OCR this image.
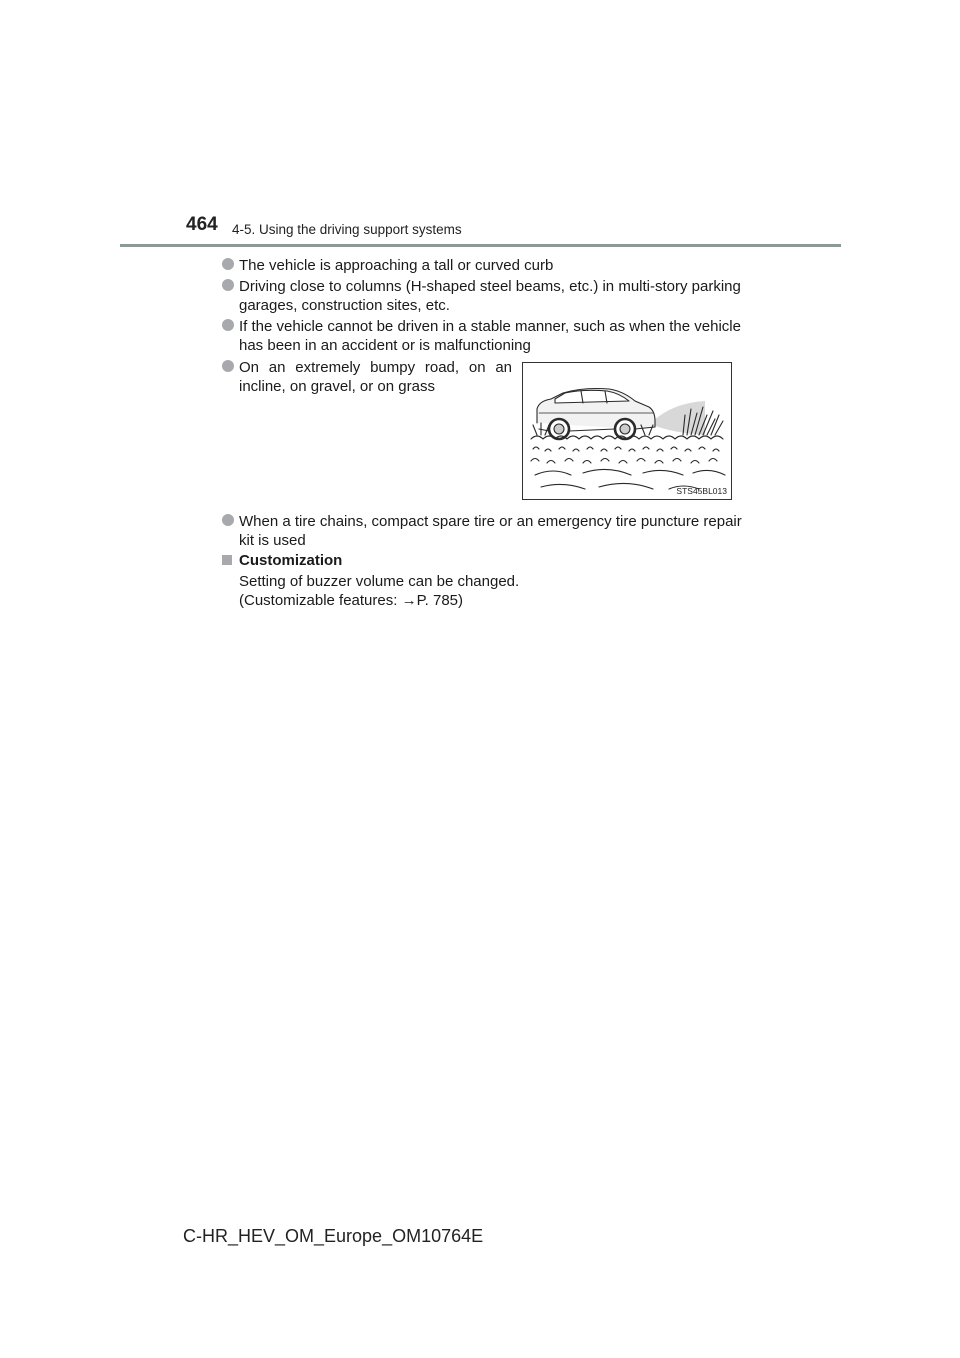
464 4-5. Using the driving support systems
The vehicle is approaching a tall or curved curb
Driving close to columns (H-shaped steel beams, etc.) in multi-story parking
garages, construction sites, etc.
If the vehicle cannot be driven in a stable manner, such as when the vehicle
has been in an accident or is malfunctioning
On an extremely bumpy road, on an
incline, on gravel, or on grass
STS45BL013
When a tire chains, compact spare tire or an emergency tire puncture repair
kit is used
Customization
Setting of buzzer volume can be changed.
(Customizable features: →P. 785)
C-HR_HEV_OM_Europe_OM10764E
